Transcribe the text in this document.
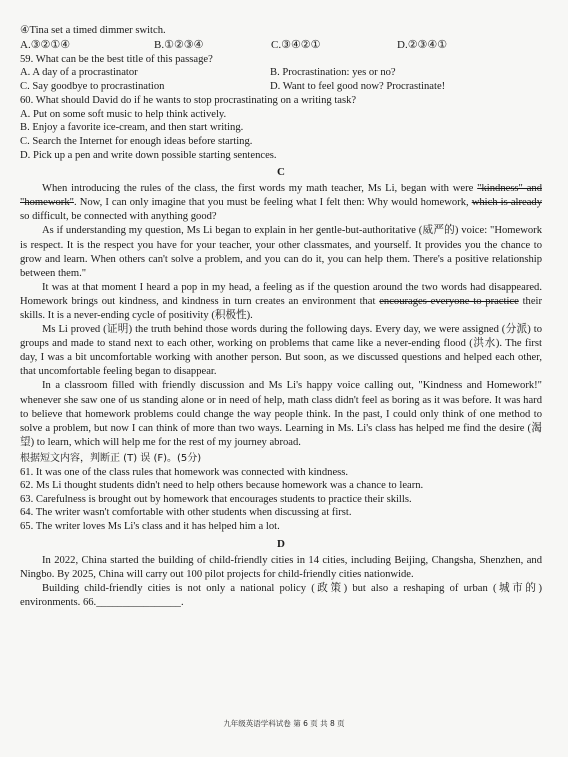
④Tina set a timed dimmer switch.
A.③②①④	B.①②③④	C.③④②①	D.②③④①
59. What can be the best title of this passage?
A. A day of a procrastinator	B. Procrastination: yes or no?
C. Say goodbye to procrastination	D. Want to feel good now? Procrastinate!
60. What should David do if he wants to stop procrastinating on a writing task?
A. Put on some soft music to help think actively.
B. Enjoy a favorite ice-cream, and then start writing.
C. Search the Internet for enough ideas before starting.
D. Pick up a pen and write down possible starting sentences.
C

When introducing the rules of the class, the first words my math teacher, Ms Li, began with were "kindness" and "homework". Now, I can only imagine that you must be feeling what I felt then: Why would homework, which is already so difficult, be connected with anything good?

As if understanding my question, Ms Li began to explain in her gentle-but-authoritative (威严的) voice: "Homework is respect. It is the respect you have for your teacher, your other classmates, and yourself. It provides you the chance to grow and learn. When others can't solve a problem, and you can do it, you can help them. There's a positive relationship between them."

It was at that moment I heard a pop in my head, a feeling as if the question around the two words had disappeared. Homework brings out kindness, and kindness in turn creates an environment that encourages everyone to practice their skills. It is a never-ending cycle of positivity (积极性).

Ms Li proved (证明) the truth behind those words during the following days. Every day, we were assigned (分派) to groups and made to stand next to each other, working on problems that came like a never-ending flood (洪水). The first day, I was a bit uncomfortable working with another person. But soon, as we discussed questions and helped each other, that uncomfortable feeling began to disappear.

In a classroom filled with friendly discussion and Ms Li's happy voice calling out, "Kindness and Homework!" whenever she saw one of us standing alone or in need of help, math class didn't feel as boring as it was before. It was hard to believe that homework problems could change the way people think. In the past, I could only think of one method to solve a problem, but now I can think of more than two ways. Learning in Ms. Li's class has helped me find the desire (渴望) to learn, which will help me for the rest of my journey abroad.

根据短文内容，判断正 (T) 误 (F)。(5分)
61. It was one of the class rules that homework was connected with kindness.
62. Ms Li thought students didn't need to help others because homework was a chance to learn.
63. Carefulness is brought out by homework that encourages students to practice their skills.
64. The writer wasn't comfortable with other students when discussing at first.
65. The writer loves Ms Li's class and it has helped him a lot.
D

In 2022, China started the building of child-friendly cities in 14 cities, including Beijing, Changsha, Shenzhen, and Ningbo. By 2025, China will carry out 100 pilot projects for child-friendly cities nationwide.

Building child-friendly cities is not only a national policy (政策) but also a reshaping of urban (城市的) environments. 66.________________.

九年级英语学科试卷 第 6 页 共 8 页
